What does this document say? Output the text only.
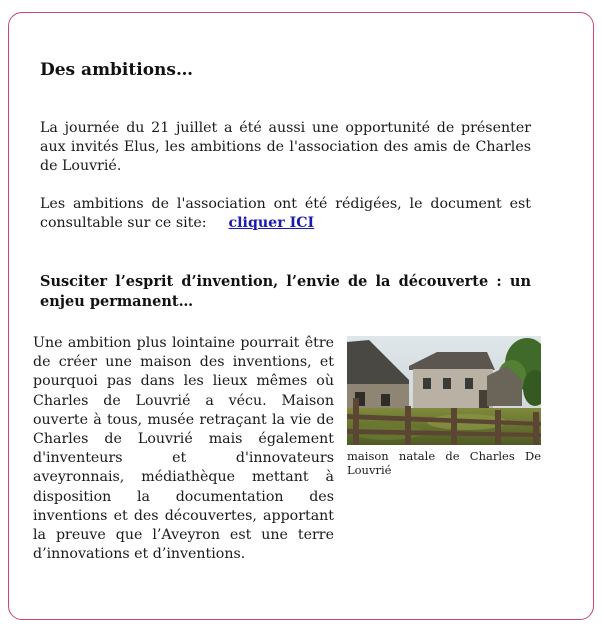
Des ambitions…

La journée du 21 juillet a été aussi une opportunité de présenter aux invités Elus, les ambitions de l'association des amis de Charles de Louvrié.

Les ambitions de l'association ont été rédigées, le document est consultable sur ce site: cliquer ICI

Susciter l’esprit d’invention, l’envie de la découverte : un enjeu permanent…

Une ambition plus lointaine pourrait être de créer une maison des inventions, et pourquoi pas dans les lieux mêmes où Charles de Louvrié a vécu. Maison ouverte à tous, musée retraçant la vie de Charles de Louvrié mais également d'inventeurs et d'innovateurs aveyronnais, médiathèque mettant à disposition la documentation des inventions et des découvertes, apportant la preuve que l’Aveyron est une terre d’innovations et d’inventions.

maison natale de Charles De Louvrié
